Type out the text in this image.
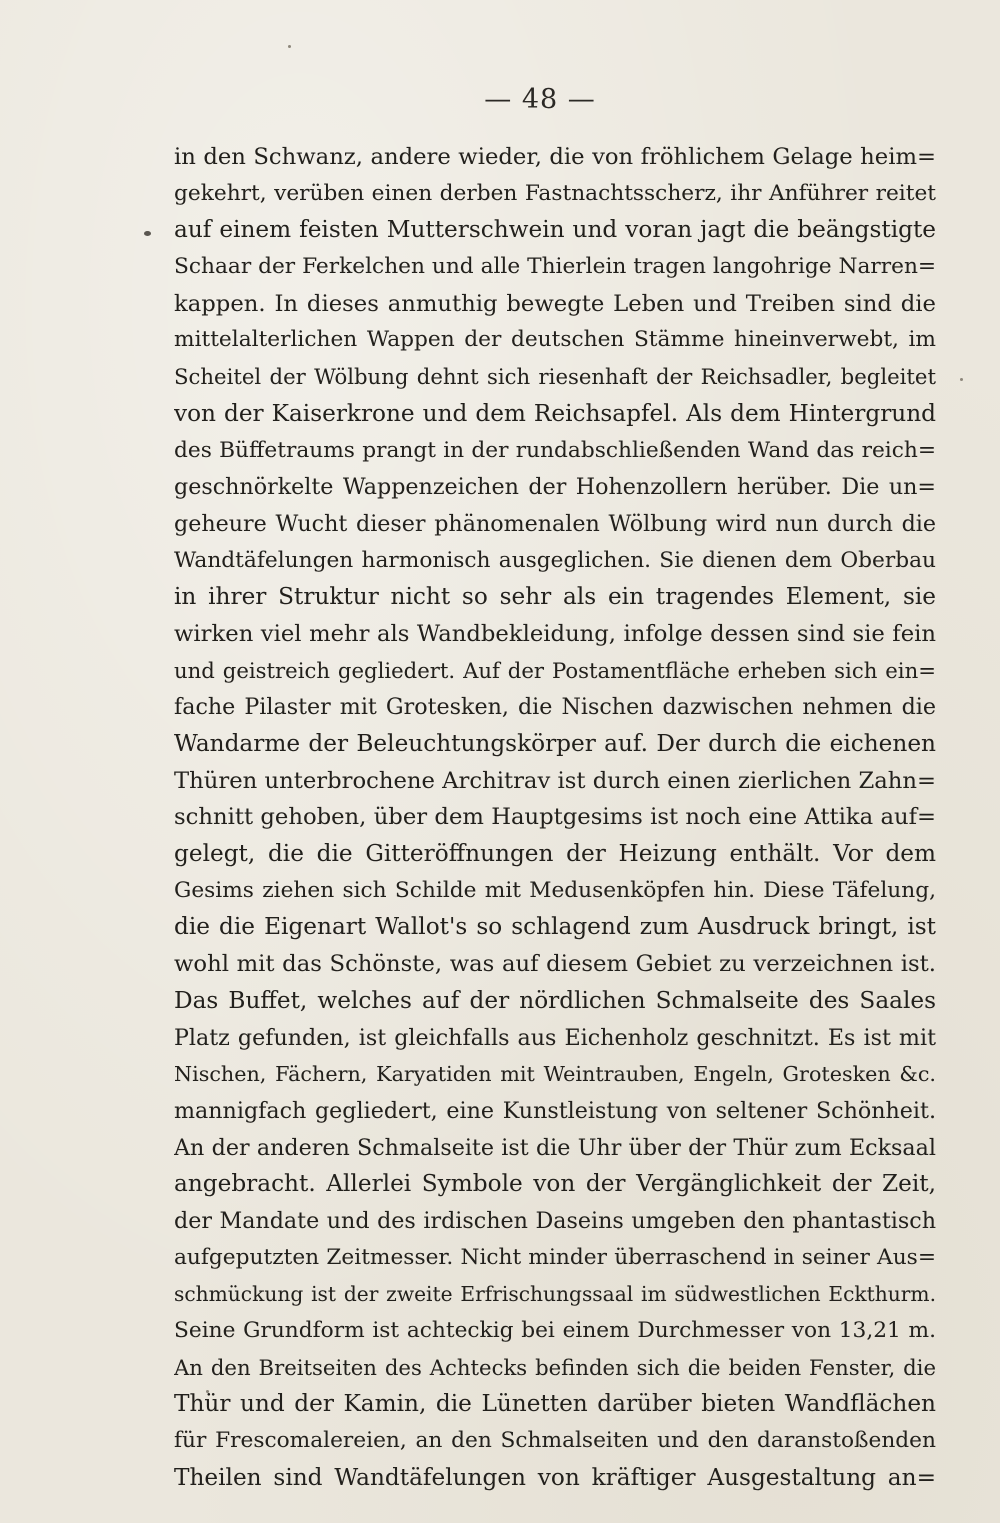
— 48 —
in den Schwanz, andere wieder, die von fröhlichem Gelage heim=
gekehrt, verüben einen derben Fastnachtsscherz, ihr Anführer reitet
auf einem feisten Mutterschwein und voran jagt die beängstigte
Schaar der Ferkelchen und alle Thierlein tragen langohrige Narren=
kappen. In dieses anmuthig bewegte Leben und Treiben sind die
mittelalterlichen Wappen der deutschen Stämme hineinverwebt, im
Scheitel der Wölbung dehnt sich riesenhaft der Reichsadler, begleitet
von der Kaiserkrone und dem Reichsapfel. Als dem Hintergrund
des Büffetraums prangt in der rundabschließenden Wand das reich=
geschnörkelte Wappenzeichen der Hohenzollern herüber. Die un=
geheure Wucht dieser phänomenalen Wölbung wird nun durch die
Wandtäfelungen harmonisch ausgeglichen. Sie dienen dem Oberbau
in ihrer Struktur nicht so sehr als ein tragendes Element, sie
wirken viel mehr als Wandbekleidung, infolge dessen sind sie fein
und geistreich gegliedert. Auf der Postamentfläche erheben sich ein=
fache Pilaster mit Grotesken, die Nischen dazwischen nehmen die
Wandarme der Beleuchtungskörper auf. Der durch die eichenen
Thüren unterbrochene Architrav ist durch einen zierlichen Zahn=
schnitt gehoben, über dem Hauptgesims ist noch eine Attika auf=
gelegt, die die Gitteröffnungen der Heizung enthält. Vor dem
Gesims ziehen sich Schilde mit Medusenköpfen hin. Diese Täfelung,
die die Eigenart Wallot's so schlagend zum Ausdruck bringt, ist
wohl mit das Schönste, was auf diesem Gebiet zu verzeichnen ist.
Das Buffet, welches auf der nördlichen Schmalseite des Saales
Platz gefunden, ist gleichfalls aus Eichenholz geschnitzt. Es ist mit
Nischen, Fächern, Karyatiden mit Weintrauben, Engeln, Grotesken &c.
mannigfach gegliedert, eine Kunstleistung von seltener Schönheit.
An der anderen Schmalseite ist die Uhr über der Thür zum Ecksaal
angebracht. Allerlei Symbole von der Vergänglichkeit der Zeit,
der Mandate und des irdischen Daseins umgeben den phantastisch
aufgeputzten Zeitmesser. Nicht minder überraschend in seiner Aus=
schmückung ist der zweite Erfrischungssaal im südwestlichen Eckthurm.
Seine Grundform ist achteckig bei einem Durchmesser von 13,21 m.
An den Breitseiten des Achtecks befinden sich die beiden Fenster, die
Thür und der Kamin, die Lünetten darüber bieten Wandflächen
für Frescomalereien, an den Schmalseiten und den daranstoßenden
Theilen sind Wandtäfelungen von kräftiger Ausgestaltung an=
